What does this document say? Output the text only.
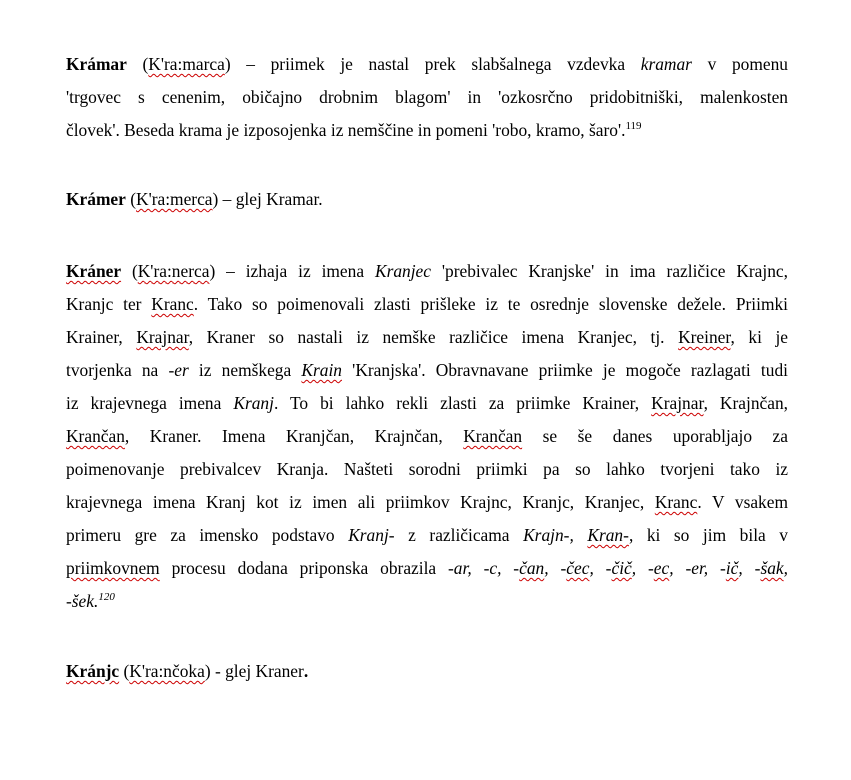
Krámar (K'ra:marca) – priimek je nastal prek slabšalnega vzdevka kramar v pomenu
'trgovec s cenenim, običajno drobnim blagom' in 'ozkosrčno pridobitniški, malenkosten
človek'. Beseda krama je izposojenka iz nemščine in pomeni 'robo, kramo, šaro'.$^{119}$
Krámer (K'ra:merca) – glej Kramar.
Kráner (K'ra:nerca) – izhaja iz imena Kranjec 'prebivalec Kranjske' in ima različice Krajnc,
Kranjc ter Kranc. Tako so poimenovali zlasti prišleke iz te osrednje slovenske dežele. Priimki
Krainer, Krajnar, Kraner so nastali iz nemške različice imena Kranjec, tj. Kreiner, ki je
tvorjenka na -er iz nemškega Krain 'Kranjska'. Obravnavane priimke je mogoče razlagati tudi
iz krajevnega imena Kranj. To bi lahko rekli zlasti za priimke Krainer, Krajnar, Krajnčan,
Krančan, Kraner. Imena Kranjčan, Krajnčan, Krančan se še danes uporabljajo za
poimenovanje prebivalcev Kranja. Našteti sorodni priimki pa so lahko tvorjeni tako iz
krajevnega imena Kranj kot iz imen ali priimkov Krajnc, Kranjc, Kranjec, Kranc. V vsakem
primeru gre za imensko podstavo Kranj- z različicama Krajn-, Kran-, ki so jim bila v
priimkovnem procesu dodana priponska obrazila -ar, -c, -čan, -čec, -čič, -ec, -er, -ič, -šak,
-šek.$^{120}$
Kránjc (K'ra:nčoka) - glej Kraner.
